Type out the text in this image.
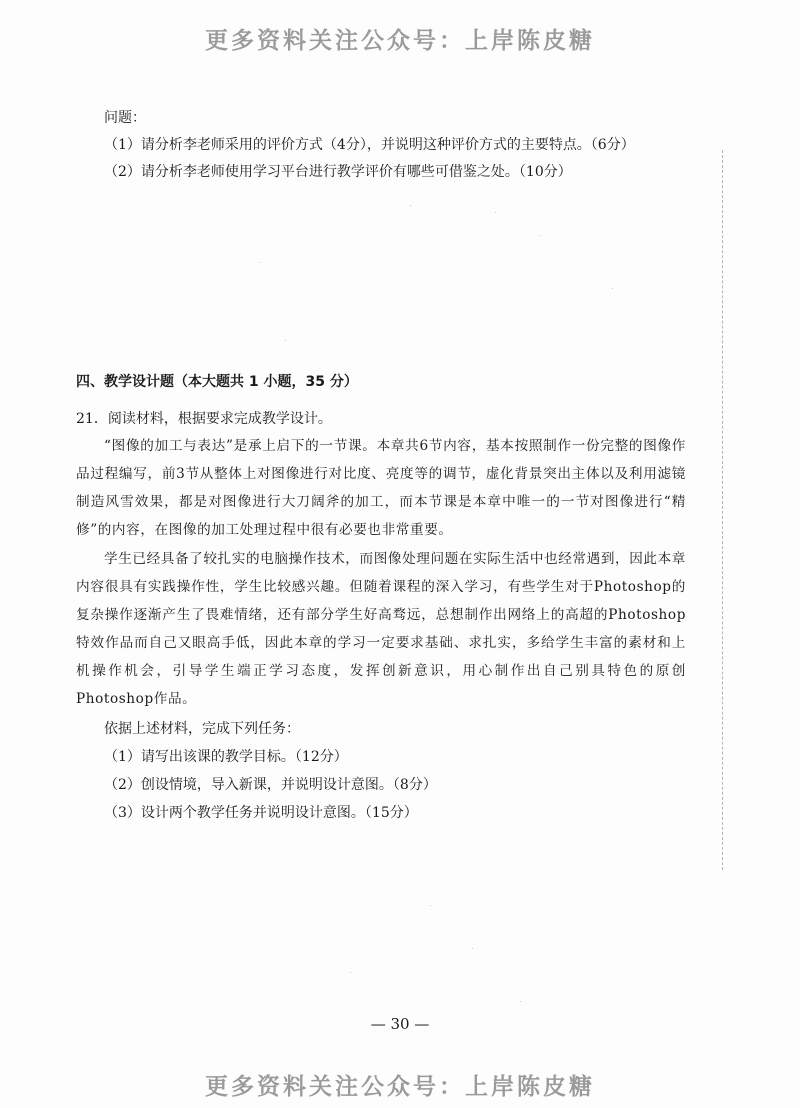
更多资料关注公众号：上岸陈皮糖
问题：
（1）请分析李老师采用的评价方式（4分），并说明这种评价方式的主要特点。（6分）
（2）请分析李老师使用学习平台进行教学评价有哪些可借鉴之处。（10分）
四、教学设计题（本大题共 1 小题，35 分）
21．阅读材料，根据要求完成教学设计。
“图像的加工与表达”是承上启下的一节课。本章共6节内容，基本按照制作一份完整的图像作品过程编写，前3节从整体上对图像进行对比度、亮度等的调节，虚化背景突出主体以及利用滤镜制造风雪效果，都是对图像进行大刀阔斧的加工，而本节课是本章中唯一的一节对图像进行“精修”的内容，在图像的加工处理过程中很有必要也非常重要。
学生已经具备了较扎实的电脑操作技术，而图像处理问题在实际生活中也经常遇到，因此本章内容很具有实践操作性，学生比较感兴趣。但随着课程的深入学习，有些学生对于Photoshop的复杂操作逐渐产生了畏难情绪，还有部分学生好高骛远，总想制作出网络上的高超的Photoshop特效作品而自己又眼高手低，因此本章的学习一定要求基础、求扎实，多给学生丰富的素材和上机操作机会，引导学生端正学习态度，发挥创新意识，用心制作出自己别具特色的原创Photoshop作品。
依据上述材料，完成下列任务：
（1）请写出该课的教学目标。（12分）
（2）创设情境，导入新课，并说明设计意图。（8分）
（3）设计两个教学任务并说明设计意图。（15分）
— 30 —
更多资料关注公众号：上岸陈皮糖
